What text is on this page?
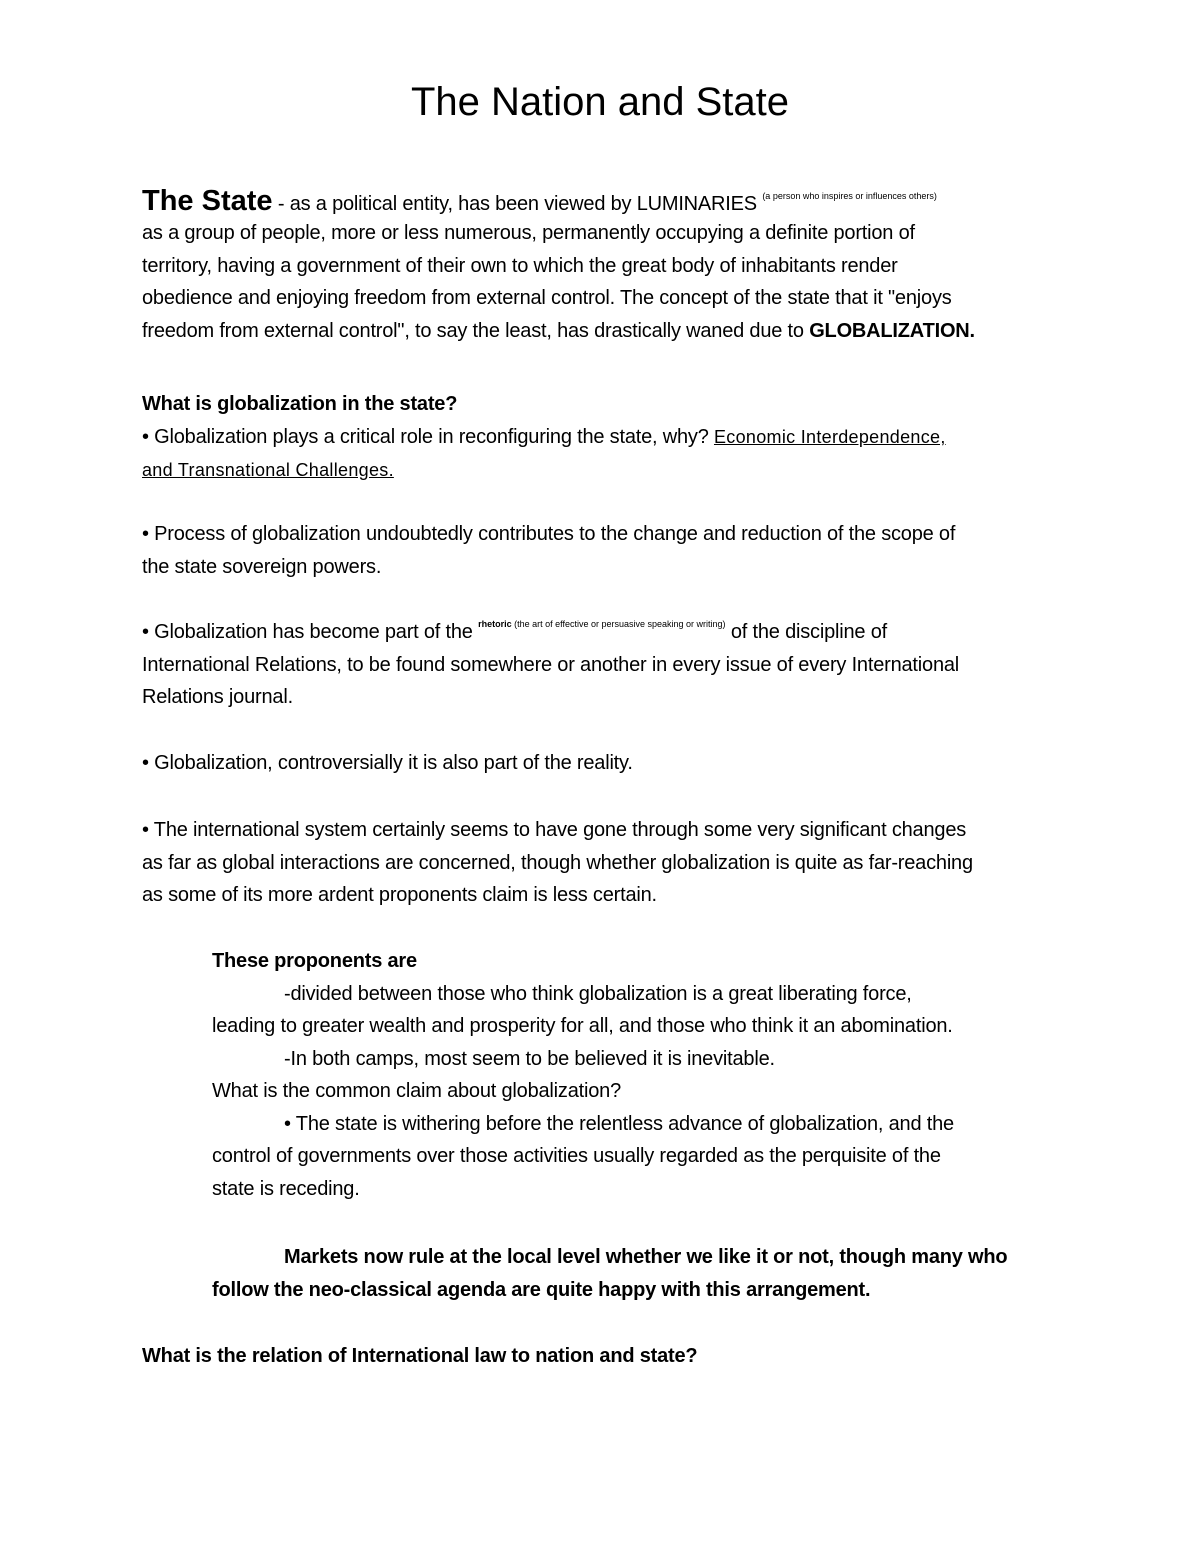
The Nation and State

The State - as a political entity, has been viewed by LUMINARIES $^{(a person who inspires or influences others)}$

as a group of people, more or less numerous, permanently occupying a definite portion of

territory, having a government of their own to which the great body of inhabitants render

obedience and enjoying freedom from external control. The concept of the state that it "enjoys

freedom from external control", to say the least, has drastically waned due to GLOBALIZATION.

What is globalization in the state?

• Globalization plays a critical role in reconfiguring the state, why? Economic Interdependence,

and Transnational Challenges.

• Process of globalization undoubtedly contributes to the change and reduction of the scope of

the state sovereign powers.

• Globalization has become part of the $^{rhetoric}$ $^{(the art of effective or persuasive speaking or writing)}$ of the discipline of

International Relations, to be found somewhere or another in every issue of every International

Relations journal.

• Globalization, controversially it is also part of the reality.

• The international system certainly seems to have gone through some very significant changes

as far as global interactions are concerned, though whether globalization is quite as far-reaching

as some of its more ardent proponents claim is less certain.

These proponents are

-divided between those who think globalization is a great liberating force,

leading to greater wealth and prosperity for all, and those who think it an abomination.

-In both camps, most seem to be believed it is inevitable.

What is the common claim about globalization?

• The state is withering before the relentless advance of globalization, and the

control of governments over those activities usually regarded as the perquisite of the

state is receding.

Markets now rule at the local level whether we like it or not, though many who

follow the neo-classical agenda are quite happy with this arrangement.

What is the relation of International law to nation and state?
